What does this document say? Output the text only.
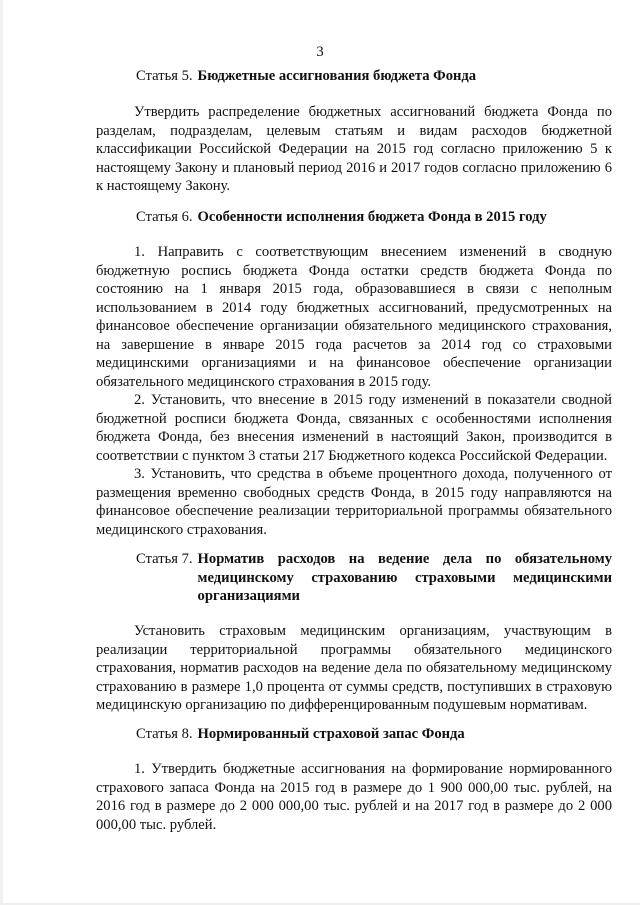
3
Статья 5. Бюджетные ассигнования бюджета Фонда

Утвердить распределение бюджетных ассигнований бюджета Фонда по разделам, подразделам, целевым статьям и видам расходов бюджетной классификации Российской Федерации на 2015 год согласно приложению 5 к настоящему Закону и плановый период 2016 и 2017 годов согласно приложению 6 к настоящему Закону.

Статья 6. Особенности исполнения бюджета Фонда в 2015 году

1. Направить с соответствующим внесением изменений в сводную бюджетную роспись бюджета Фонда остатки средств бюджета Фонда по состоянию на 1 января 2015 года, образовавшиеся в связи с неполным использованием в 2014 году бюджетных ассигнований, предусмотренных на финансовое обеспечение организации обязательного медицинского страхования, на завершение в январе 2015 года расчетов за 2014 год со страховыми медицинскими организациями и на финансовое обеспечение организации обязательного медицинского страхования в 2015 году.

2. Установить, что внесение в 2015 году изменений в показатели сводной бюджетной росписи бюджета Фонда, связанных с особенностями исполнения бюджета Фонда, без внесения изменений в настоящий Закон, производится в соответствии с пунктом 3 статьи 217 Бюджетного кодекса Российской Федерации.

3. Установить, что средства в объеме процентного дохода, полученного от размещения временно свободных средств Фонда, в 2015 году направляются на финансовое обеспечение реализации территориальной программы обязательного медицинского страхования.

Статья 7. Норматив расходов на ведение дела по обязательному медицинскому страхованию страховыми медицинскими организациями

Установить страховым медицинским организациям, участвующим в реализации территориальной программы обязательного медицинского страхования, норматив расходов на ведение дела по обязательному медицинскому страхованию в размере 1,0 процента от суммы средств, поступивших в страховую медицинскую организацию по дифференцированным подушевым нормативам.

Статья 8. Нормированный страховой запас Фонда

1. Утвердить бюджетные ассигнования на формирование нормированного страхового запаса Фонда на 2015 год в размере до 1 900 000,00 тыс. рублей, на 2016 год в размере до 2 000 000,00 тыс. рублей и на 2017 год в размере до 2 000 000,00 тыс. рублей.
